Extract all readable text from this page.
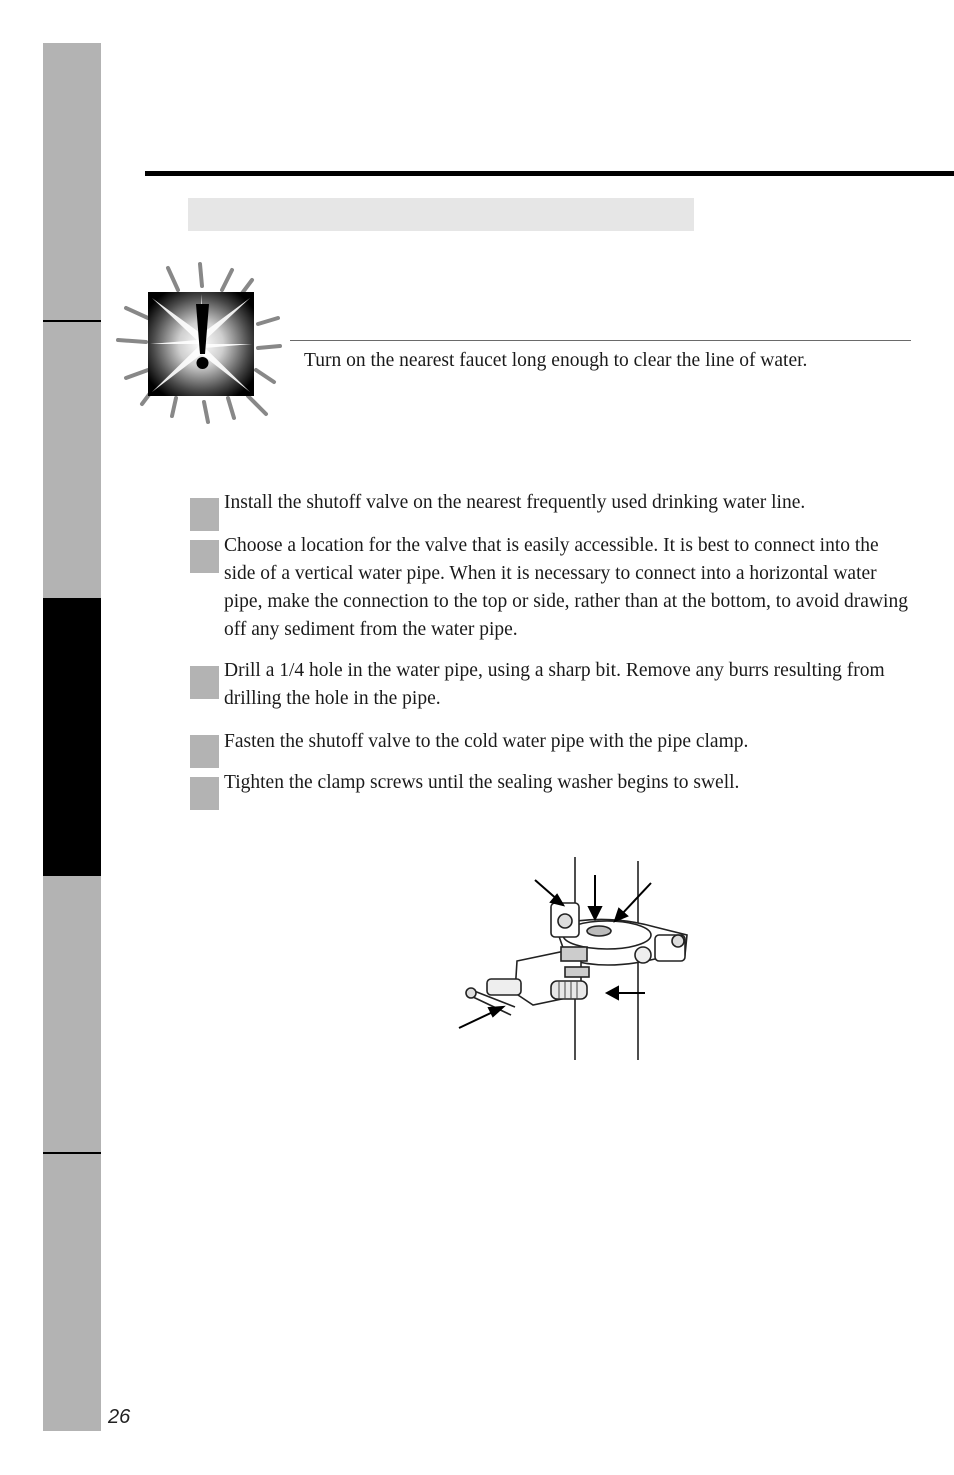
Turn on the nearest faucet long enough to clear the line of water.
Install the shutoff valve on the nearest frequently used drinking water line.
Choose a location for the valve that is easily accessible. It is best to connect into the side of a vertical water pipe. When it is necessary to connect into a horizontal water pipe, make the connection to the top or side, rather than at the bottom, to avoid drawing off any sediment from the water pipe.
Drill a 1/4 hole in the water pipe, using a sharp bit. Remove any burrs resulting from drilling the hole in the pipe.
Fasten the shutoff valve to the cold water pipe with the pipe clamp.
Tighten the clamp screws until the sealing washer begins to swell.
26
